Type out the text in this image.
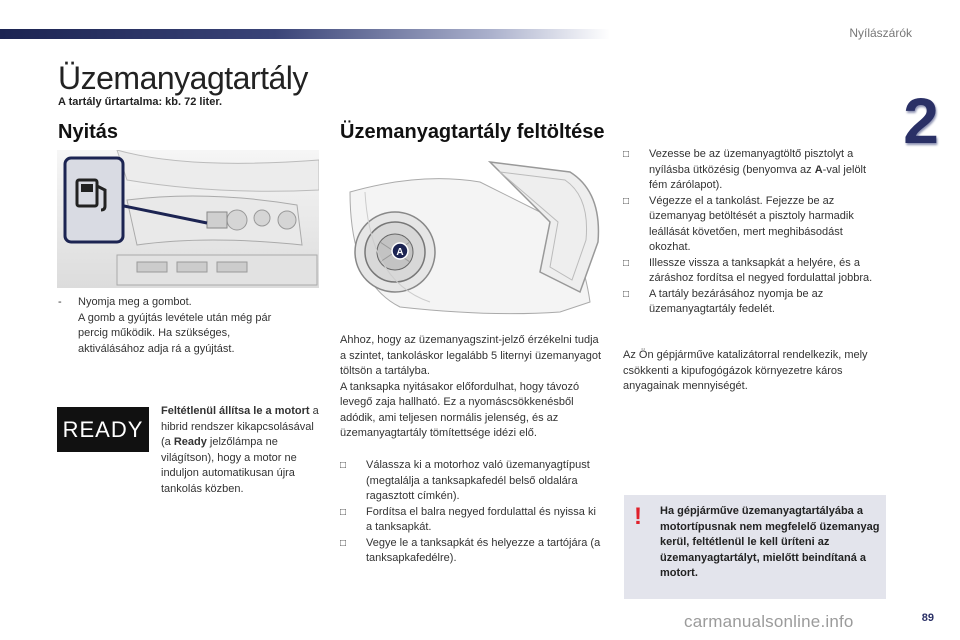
Nyílászárók
2
Üzemanyagtartály
A tartály űrtartalma: kb. 72 liter.
Nyitás
- Nyomja meg a gombot.
A gomb a gyújtás levétele után még pár percig működik. Ha szükséges, aktiválásához adja rá a gyújtást.
READY
Feltétlenül állítsa le a motort a hibrid rendszer kikapcsolásával (a Ready jelzőlámpa ne világítson), hogy a motor ne induljon automatikusan újra tankolás közben.
Üzemanyagtartály feltöltése
A
Ahhoz, hogy az üzemanyagszint-jelző érzékelni tudja a szintet, tankoláskor legalább 5 liternyi üzemanyagot töltsön a tartályba.
A tanksapka nyitásakor előfordulhat, hogy távozó levegő zaja hallható. Ez a nyomáscsökkenésből adódik, ami teljesen normális jelenség, és az üzemanyagtartály tömítettsége idézi elő.
□ Válassza ki a motorhoz való üzemanyagtípust (megtalálja a tanksapkafedél belső oldalára ragasztott címkén).
□ Fordítsa el balra negyed fordulattal és nyissa ki a tanksapkát.
□ Vegye le a tanksapkát és helyezze a tartójára (a tanksapkafedélre).
□ Vezesse be az üzemanyagtöltő pisztolyt a nyílásba ütközésig (benyomva az A-val jelölt fém zárólapot).
□ Végezze el a tankolást. Fejezze be az üzemanyag betöltését a pisztoly harmadik leállását követően, mert meghibásodást okozhat.
□ Illessze vissza a tanksapkát a helyére, és a záráshoz fordítsa el negyed fordulattal jobbra.
□ A tartály bezárásához nyomja be az üzemanyagtartály fedelét.
Az Ön gépjárműve katalizátorral rendelkezik, mely csökkenti a kipufogógázok környezetre káros anyagainak mennyiségét.
!	Ha gépjárműve üzemanyagtartályába a motortípusnak nem megfelelő üzemanyag kerül, feltétlenül le kell üríteni az üzemanyagtartályt, mielőtt beindítaná a motort.
carmanualsonline.info	89
